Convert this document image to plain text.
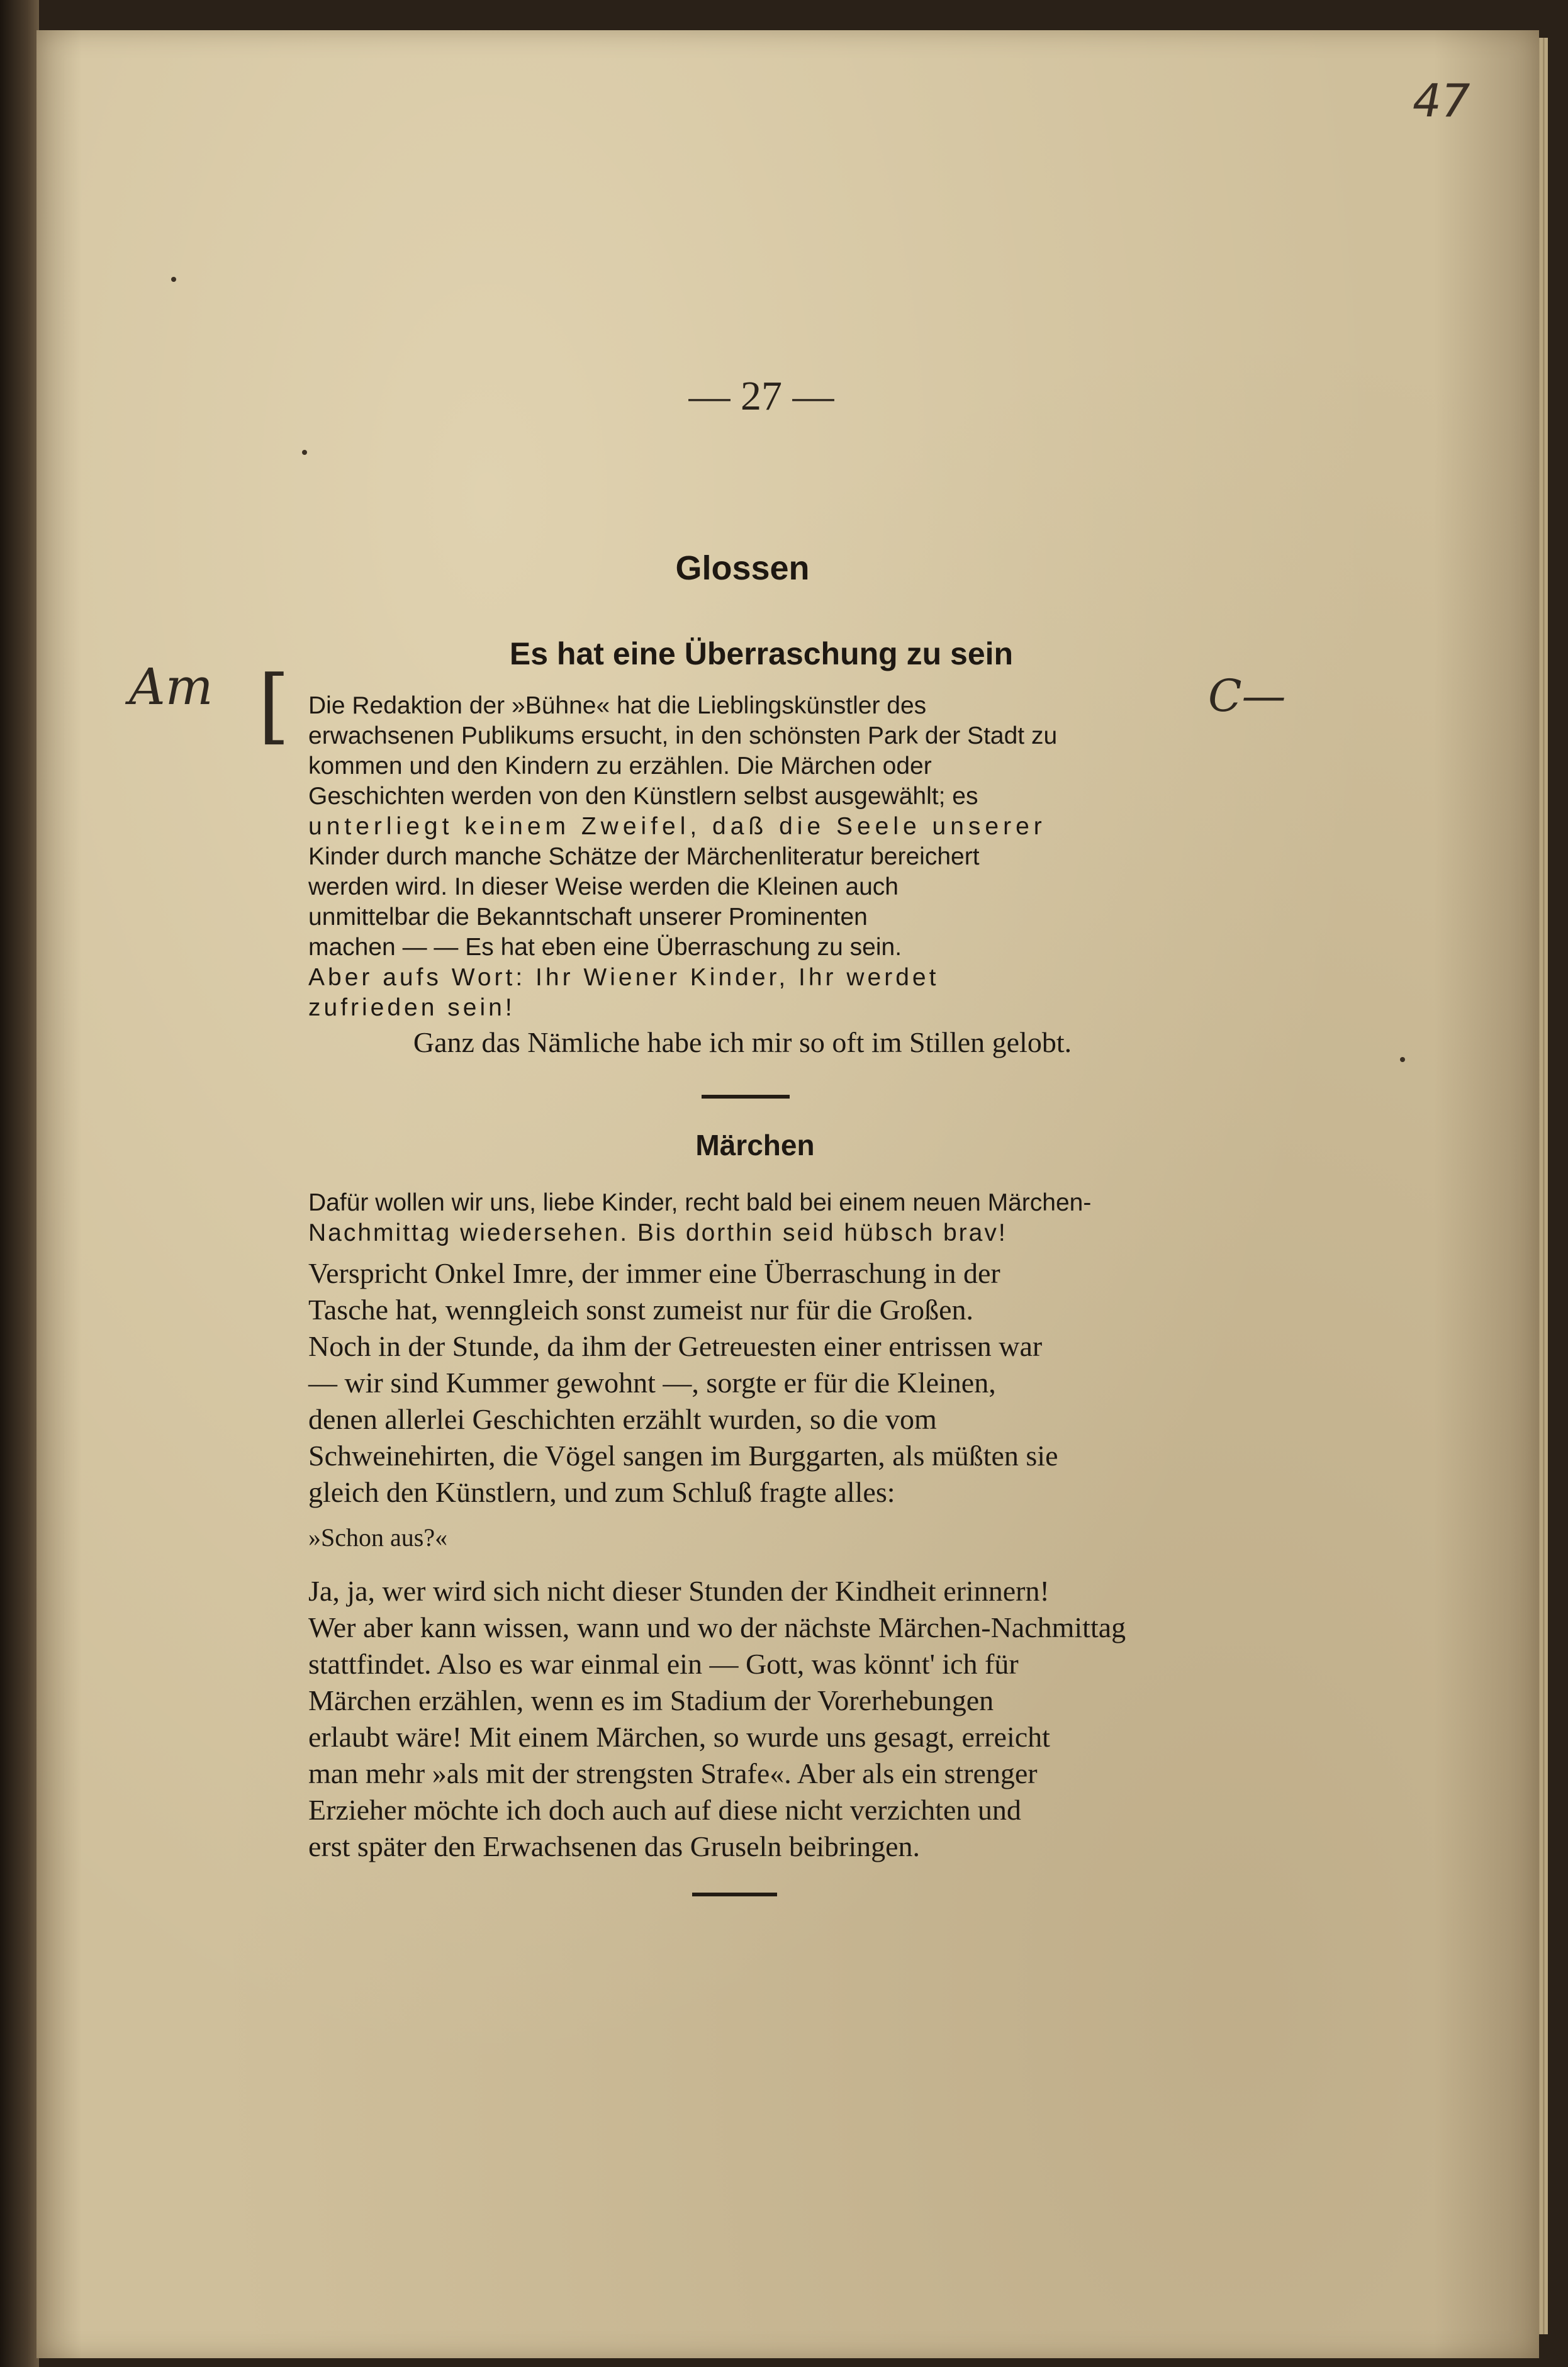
47
— 27 —
Glossen
Es hat eine Überraschung zu sein
Am [	C—
Die Redaktion der »Bühne« hat die Lieblingskünstler des
erwachsenen Publikums ersucht, in den schönsten Park der Stadt zu
kommen und den Kindern zu erzählen. Die Märchen oder
Geschichten werden von den Künstlern selbst ausgewählt; es
unterliegt keinem Zweifel, daß die Seele unserer
Kinder durch manche Schätze der Märchenliteratur bereichert
werden wird. In dieser Weise werden die Kleinen auch
unmittelbar die Bekanntschaft unserer Prominenten
machen — — Es hat eben eine Überraschung zu sein.
Aber aufs Wort: Ihr Wiener Kinder, Ihr werdet
zufrieden sein!
Ganz das Nämliche habe ich mir so oft im Stillen gelobt.
Märchen
Dafür wollen wir uns, liebe Kinder, recht bald bei einem neuen Märchen-
Nachmittag wiedersehen. Bis dorthin seid hübsch brav!
Verspricht Onkel Imre, der immer eine Überraschung in der
Tasche hat, wenngleich sonst zumeist nur für die Großen.
Noch in der Stunde, da ihm der Getreuesten einer entrissen war
— wir sind Kummer gewohnt —, sorgte er für die Kleinen,
denen allerlei Geschichten erzählt wurden, so die vom
Schweinehirten, die Vögel sangen im Burggarten, als müßten sie
gleich den Künstlern, und zum Schluß fragte alles:
»Schon aus?«
Ja, ja, wer wird sich nicht dieser Stunden der Kindheit erinnern!
Wer aber kann wissen, wann und wo der nächste Märchen-Nachmittag
stattfindet. Also es war einmal ein — Gott, was könnt' ich für
Märchen erzählen, wenn es im Stadium der Vorerhebungen
erlaubt wäre! Mit einem Märchen, so wurde uns gesagt, erreicht
man mehr »als mit der strengsten Strafe«. Aber als ein strenger
Erzieher möchte ich doch auch auf diese nicht verzichten und
erst später den Erwachsenen das Gruseln beibringen.
